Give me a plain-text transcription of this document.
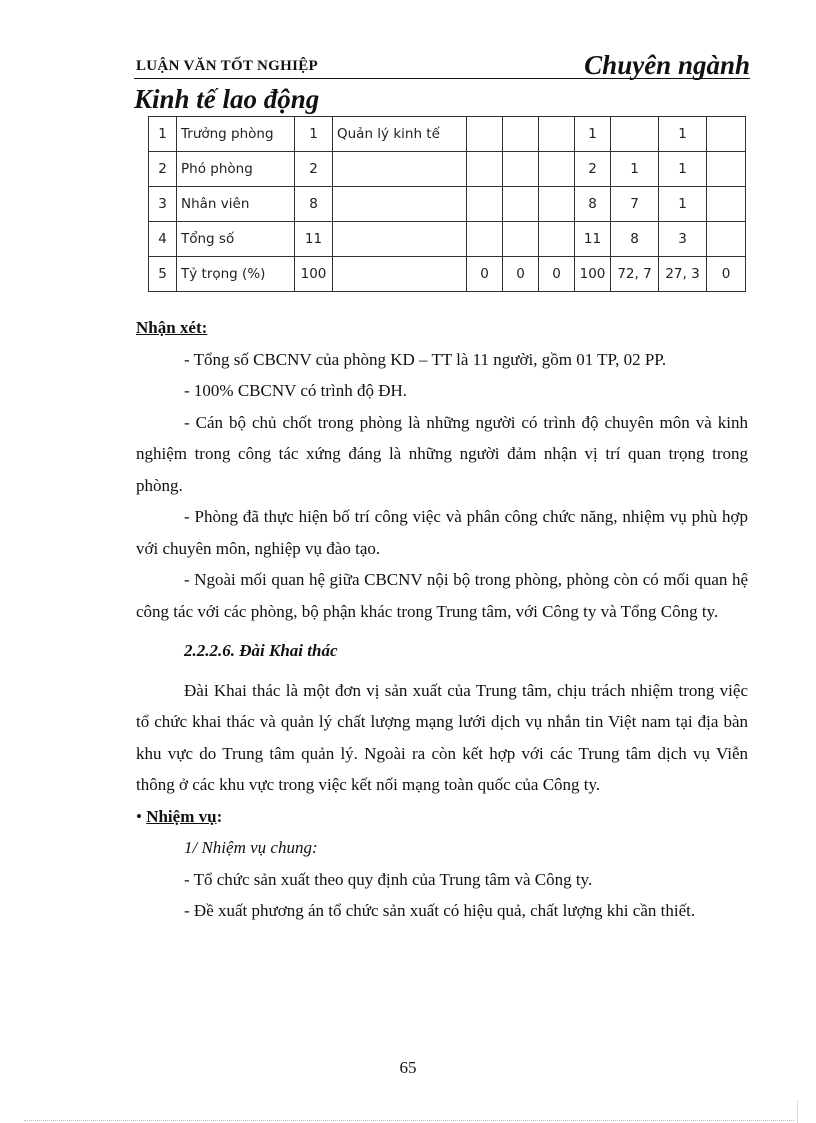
LUẬN VĂN TỐT NGHIỆP	Chuyên ngành
Kinh tế lao động
1	Trưởng phòng	1	Quản lý kinh tế				1		1	
2	Phó phòng	2					2	1	1	
3	Nhân viên	8					8	7	1	
4	Tổng số	11					11	8	3	
5	Tỷ trọng (%)	100		0	0	0	100	72, 7	27, 3	0

Nhận xét:

- Tổng số CBCNV của phòng KD – TT là 11 người, gồm 01 TP, 02 PP.

- 100% CBCNV có trình độ ĐH.

- Cán bộ chủ chốt trong phòng là những người có trình độ chuyên môn và kinh nghiệm trong công tác xứng đáng là những người đảm nhận vị trí quan trọng trong phòng.

- Phòng đã thực hiện bố trí công việc và phân công chức năng, nhiệm vụ phù hợp với chuyên môn, nghiệp vụ đào tạo.

- Ngoài mối quan hệ giữa CBCNV nội bộ trong phòng, phòng còn có mối quan hệ công tác với các phòng, bộ phận khác trong Trung tâm, với Công ty và Tổng Công ty.

2.2.2.6. Đài Khai thác

Đài Khai thác là một đơn vị sản xuất của Trung tâm, chịu trách nhiệm trong việc tổ chức khai thác và quản lý chất lượng mạng lưới dịch vụ nhắn tin Việt nam tại địa bàn khu vực do Trung tâm quản lý. Ngoài ra còn kết hợp với các Trung tâm dịch vụ Viễn thông ở các khu vực trong việc kết nối mạng toàn quốc của Công ty.

• Nhiệm vụ:

1/ Nhiệm vụ chung:

- Tổ chức sản xuất theo quy định của Trung tâm và Công ty.

- Đề xuất phương án tổ chức sản xuất có hiệu quả, chất lượng khi cần thiết.

65
